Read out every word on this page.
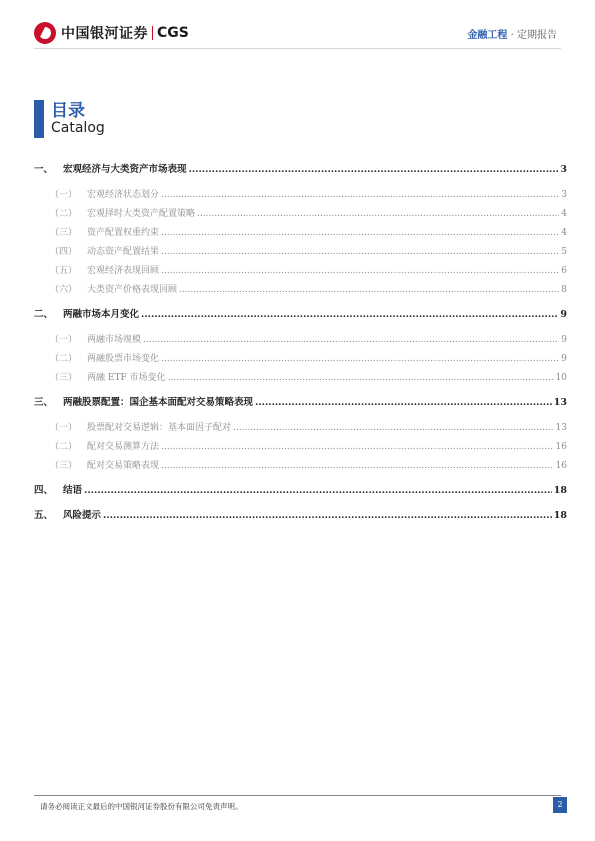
中国银河证券 CGS	金融工程 · 定期报告
目录
Catalog
一、 宏观经济与大类资产市场表现 .....	3
（一） 宏观经济状态划分 .....	3
（二） 宏观择时大类资产配置策略 .....	4
（三） 资产配置权重约束 .....	4
（四） 动态资产配置结果 .....	5
（五） 宏观经济表现回顾 .....	6
（六） 大类资产价格表现回顾 .....	8
二、 两融市场本月变化 .....	9
（一） 两融市场规模 .....	9
（二） 两融股票市场变化 .....	9
（三） 两融 ETF 市场变化 .....	10
三、 两融股票配置：国企基本面配对交易策略表现 .....	13
（一） 股票配对交易逻辑：基本面因子配对 .....	13
（二） 配对交易测算方法 .....	16
（三） 配对交易策略表现 .....	16
四、 结语 .....	18
五、 风险提示 .....	18
请务必阅读正文最后的中国银河证券股份有限公司免责声明。	2
